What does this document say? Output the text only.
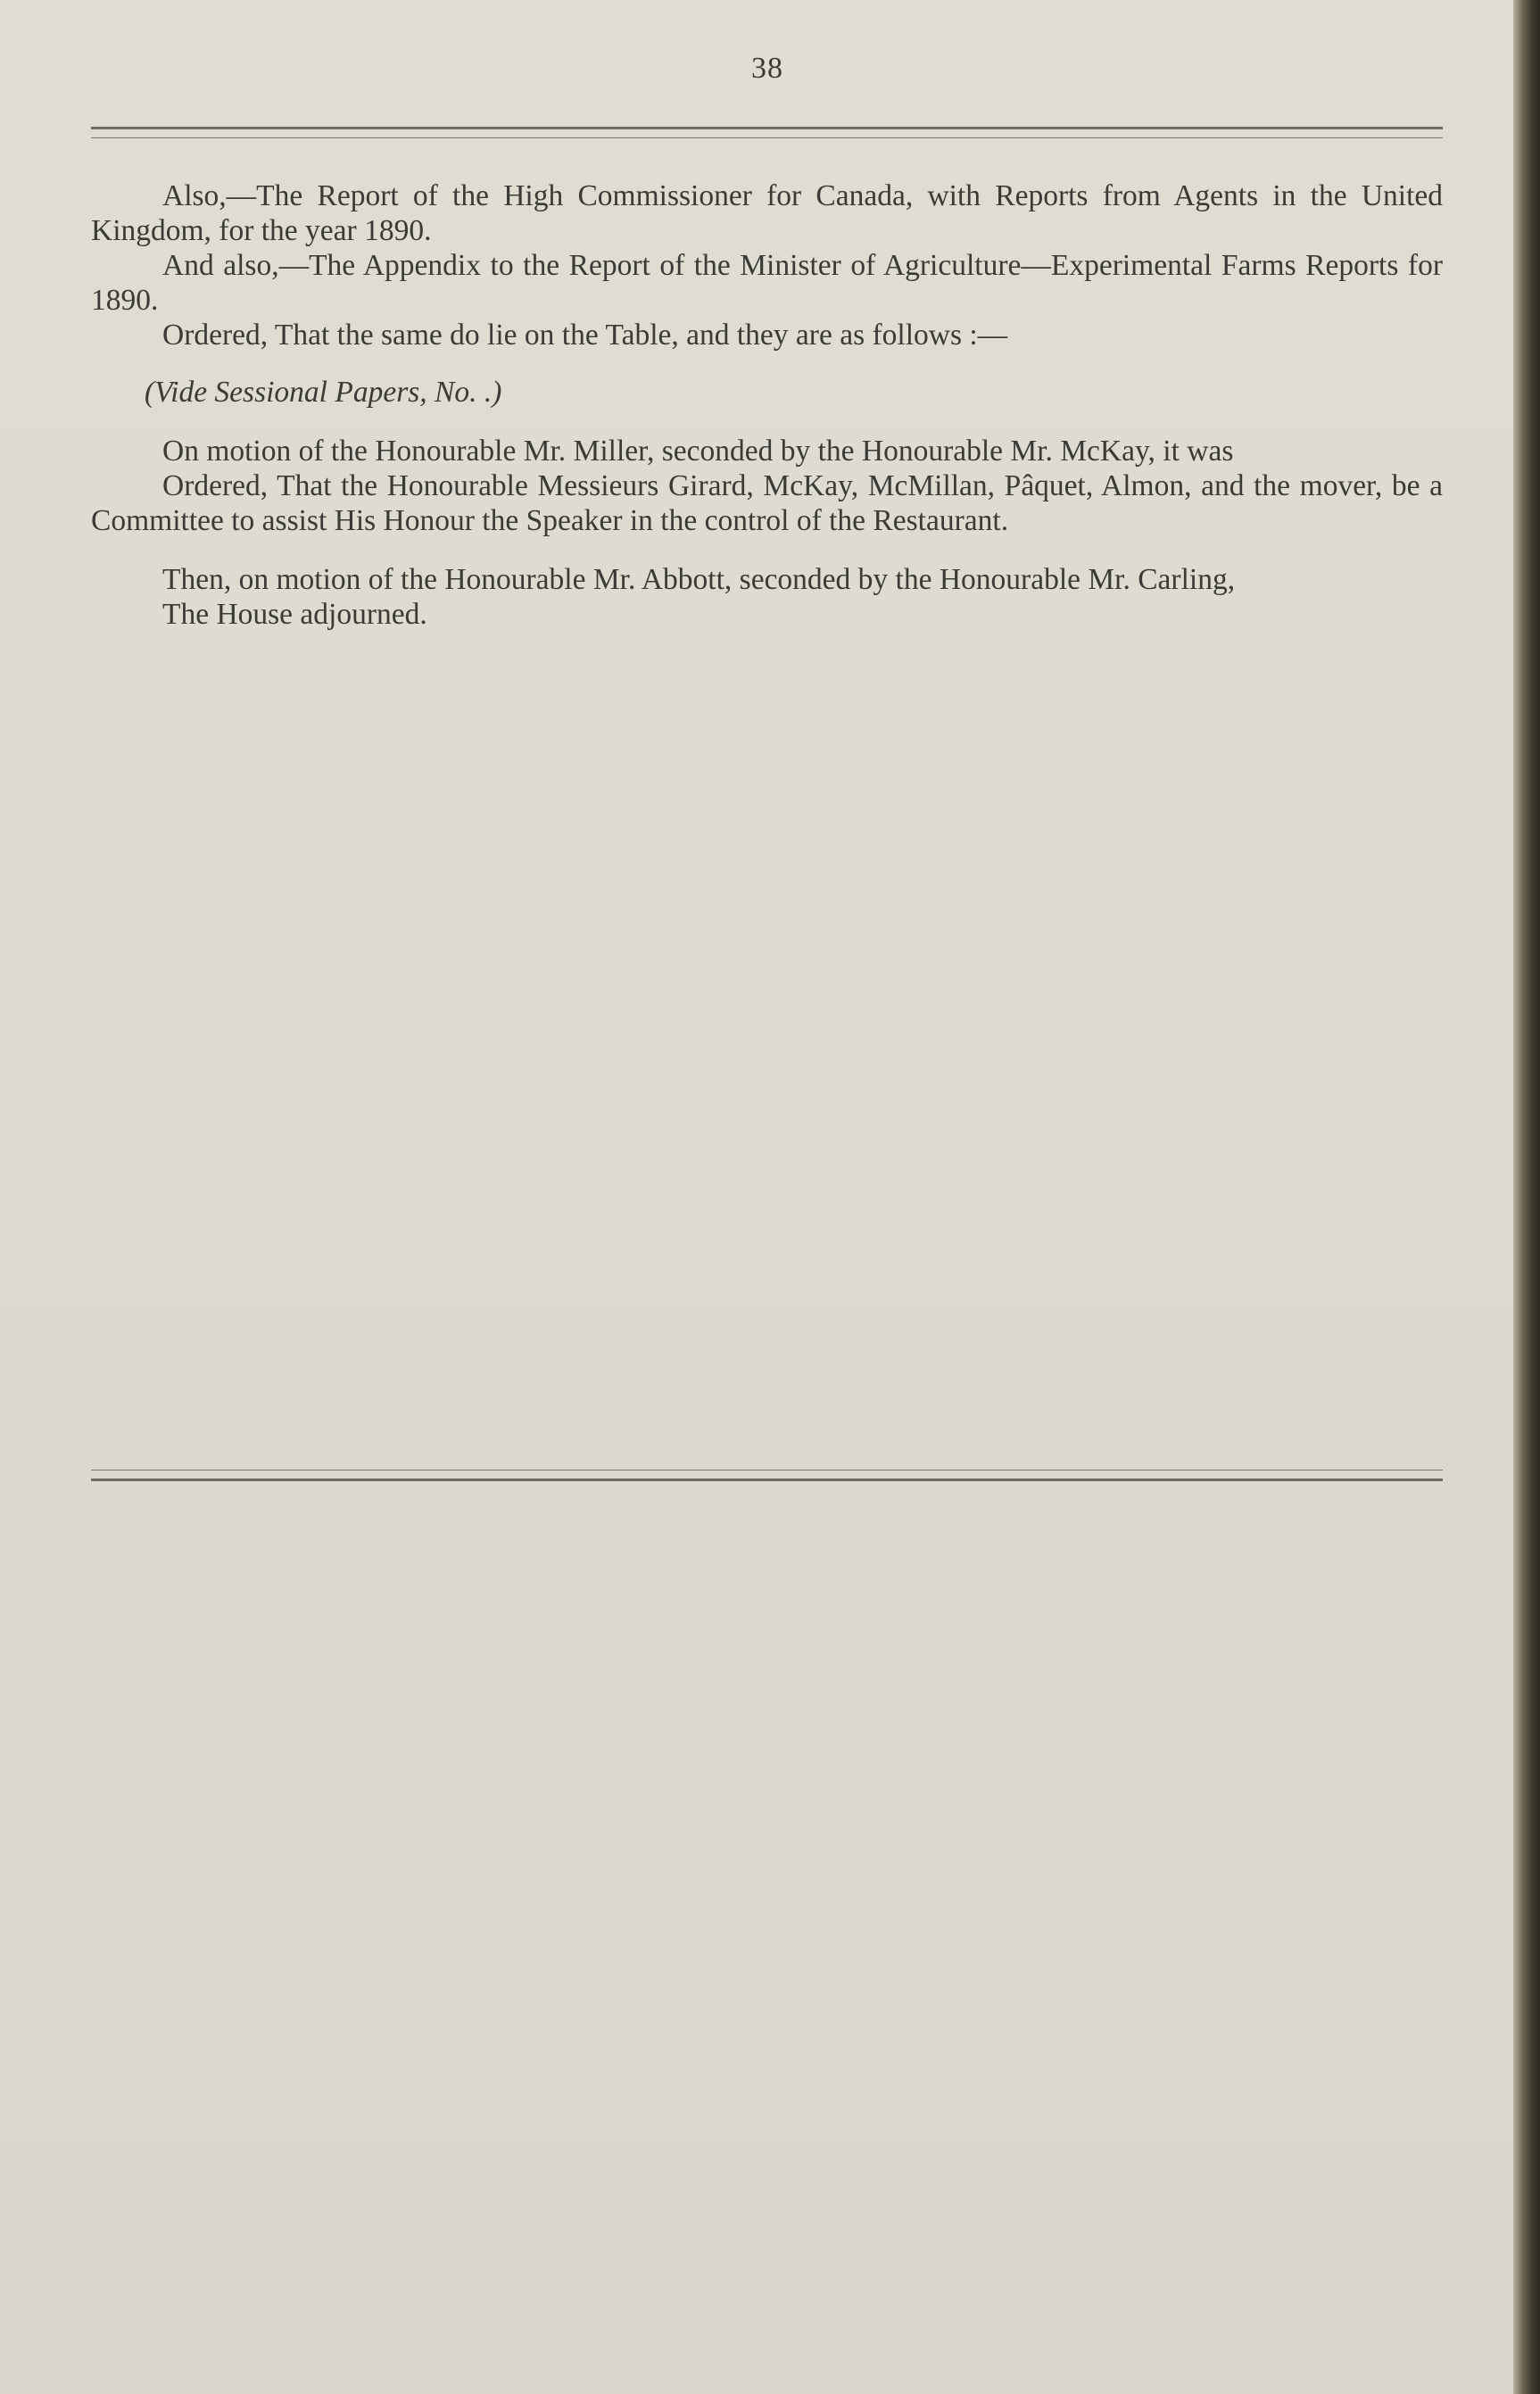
38

Also,—The Report of the High Commissioner for Canada, with Reports from Agents in the United Kingdom, for the year 1890.

And also,—The Appendix to the Report of the Minister of Agriculture—Experimental Farms Reports for 1890.

Ordered, That the same do lie on the Table, and they are as follows :—

(Vide Sessional Papers, No. .)

On motion of the Honourable Mr. Miller, seconded by the Honourable Mr. McKay, it was

Ordered, That the Honourable Messieurs Girard, McKay, McMillan, Pâquet, Almon, and the mover, be a Committee to assist His Honour the Speaker in the control of the Restaurant.

Then, on motion of the Honourable Mr. Abbott, seconded by the Honourable Mr. Carling,

The House adjourned.
